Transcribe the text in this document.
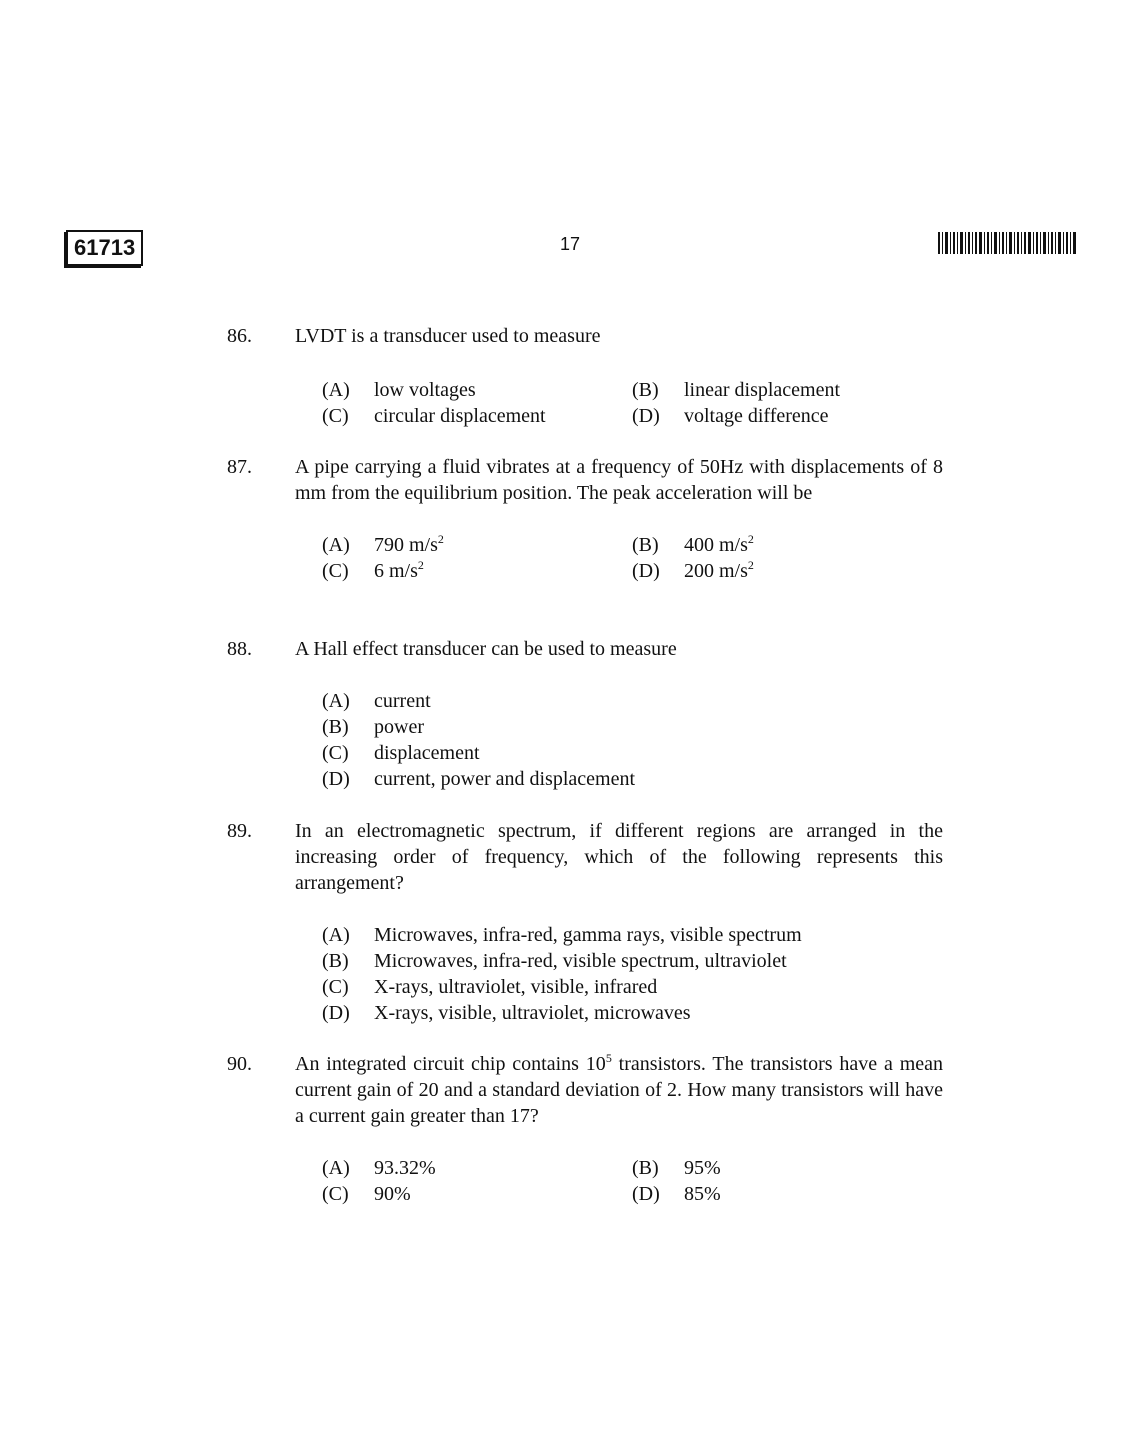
61713	17
86. LVDT is a transducer used to measure
(A)	low voltages	(B)	linear displacement
(C)	circular displacement	(D)	voltage difference
87. A pipe carrying a fluid vibrates at a frequency of 50Hz with displacements of 8 mm from the equilibrium position. The peak acceleration will be
(A)	790 $m/s^2$	(B)	400 $m/s^2$
(C)	6 $m/s^2$	(D)	200 $m/s^2$
88. A Hall effect transducer can be used to measure
(A)	current
(B)	power
(C)	displacement
(D)	current, power and displacement
89. In an electromagnetic spectrum, if different regions are arranged in the increasing order of frequency, which of the following represents this arrangement?
(A)	Microwaves, infra-red, gamma rays, visible spectrum
(B)	Microwaves, infra-red, visible spectrum, ultraviolet
(C)	X-rays, ultraviolet, visible, infrared
(D)	X-rays, visible, ultraviolet, microwaves
90. An integrated circuit chip contains $10^5$ transistors. The transistors have a mean current gain of 20 and a standard deviation of 2. How many transistors will have a current gain greater than 17?
(A)	93.32%	(B)	95%
(C)	90%	(D)	85%
